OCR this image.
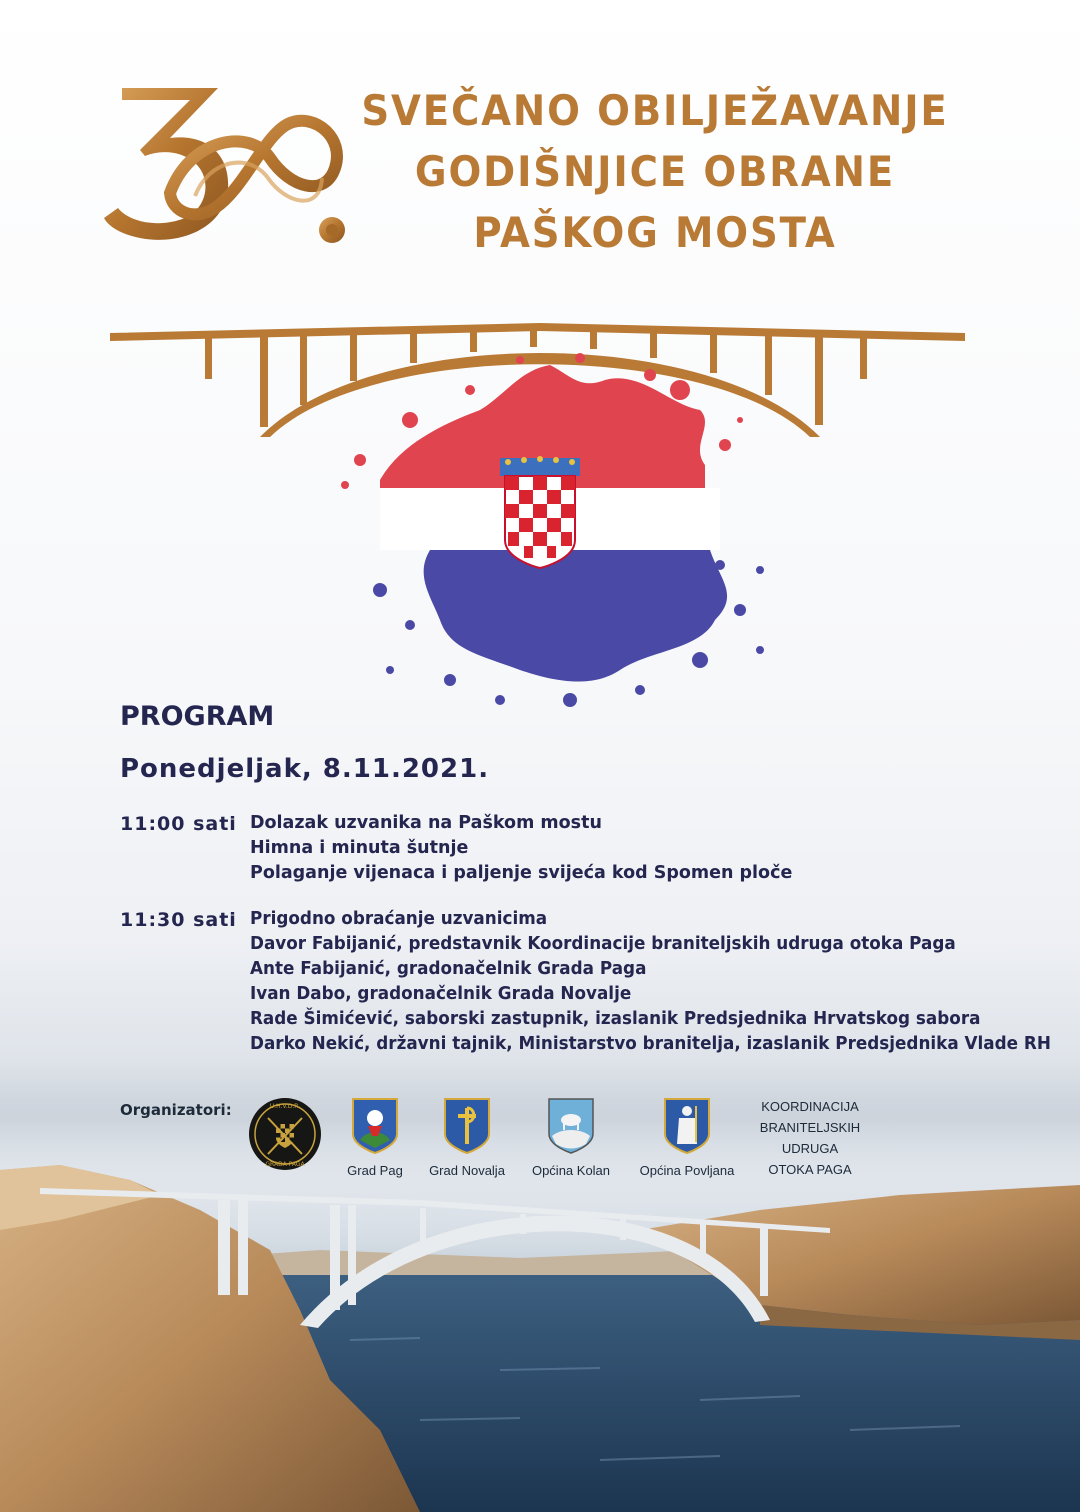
SVEČANO OBILJEŽAVANJE
GODIŠNJICE OBRANE
PAŠKOG MOSTA
PROGRAM
Ponedjeljak, 8.11.2021.
11:00 sati Dolazak uzvanika na Paškom mostu
Himna i minuta šutnje
Polaganje vijenaca i paljenje svijeća kod Spomen ploče
11:30 sati Prigodno obraćanje uzvanicima
Davor Fabijanić, predstavnik Koordinacije braniteljskih udruga otoka Paga
Ante Fabijanić, gradonačelnik Grada Paga
Ivan Dabo, gradonačelnik Grada Novalje
Rade Šimićević, saborski zastupnik, izaslanik Predsjednika Hrvatskog sabora
Darko Nekić, državni tajnik, Ministarstvo branitelja, izaslanik Predsjednika Vlade RH
Organizatori:	U.H.V.D.R.
GRADA PAGA	Grad Pag	Grad Novalja	Općina Kolan	Općina Povljana
KOORDINACIJA
BRANITELJSKIH
UDRUGA
OTOKA PAGA
